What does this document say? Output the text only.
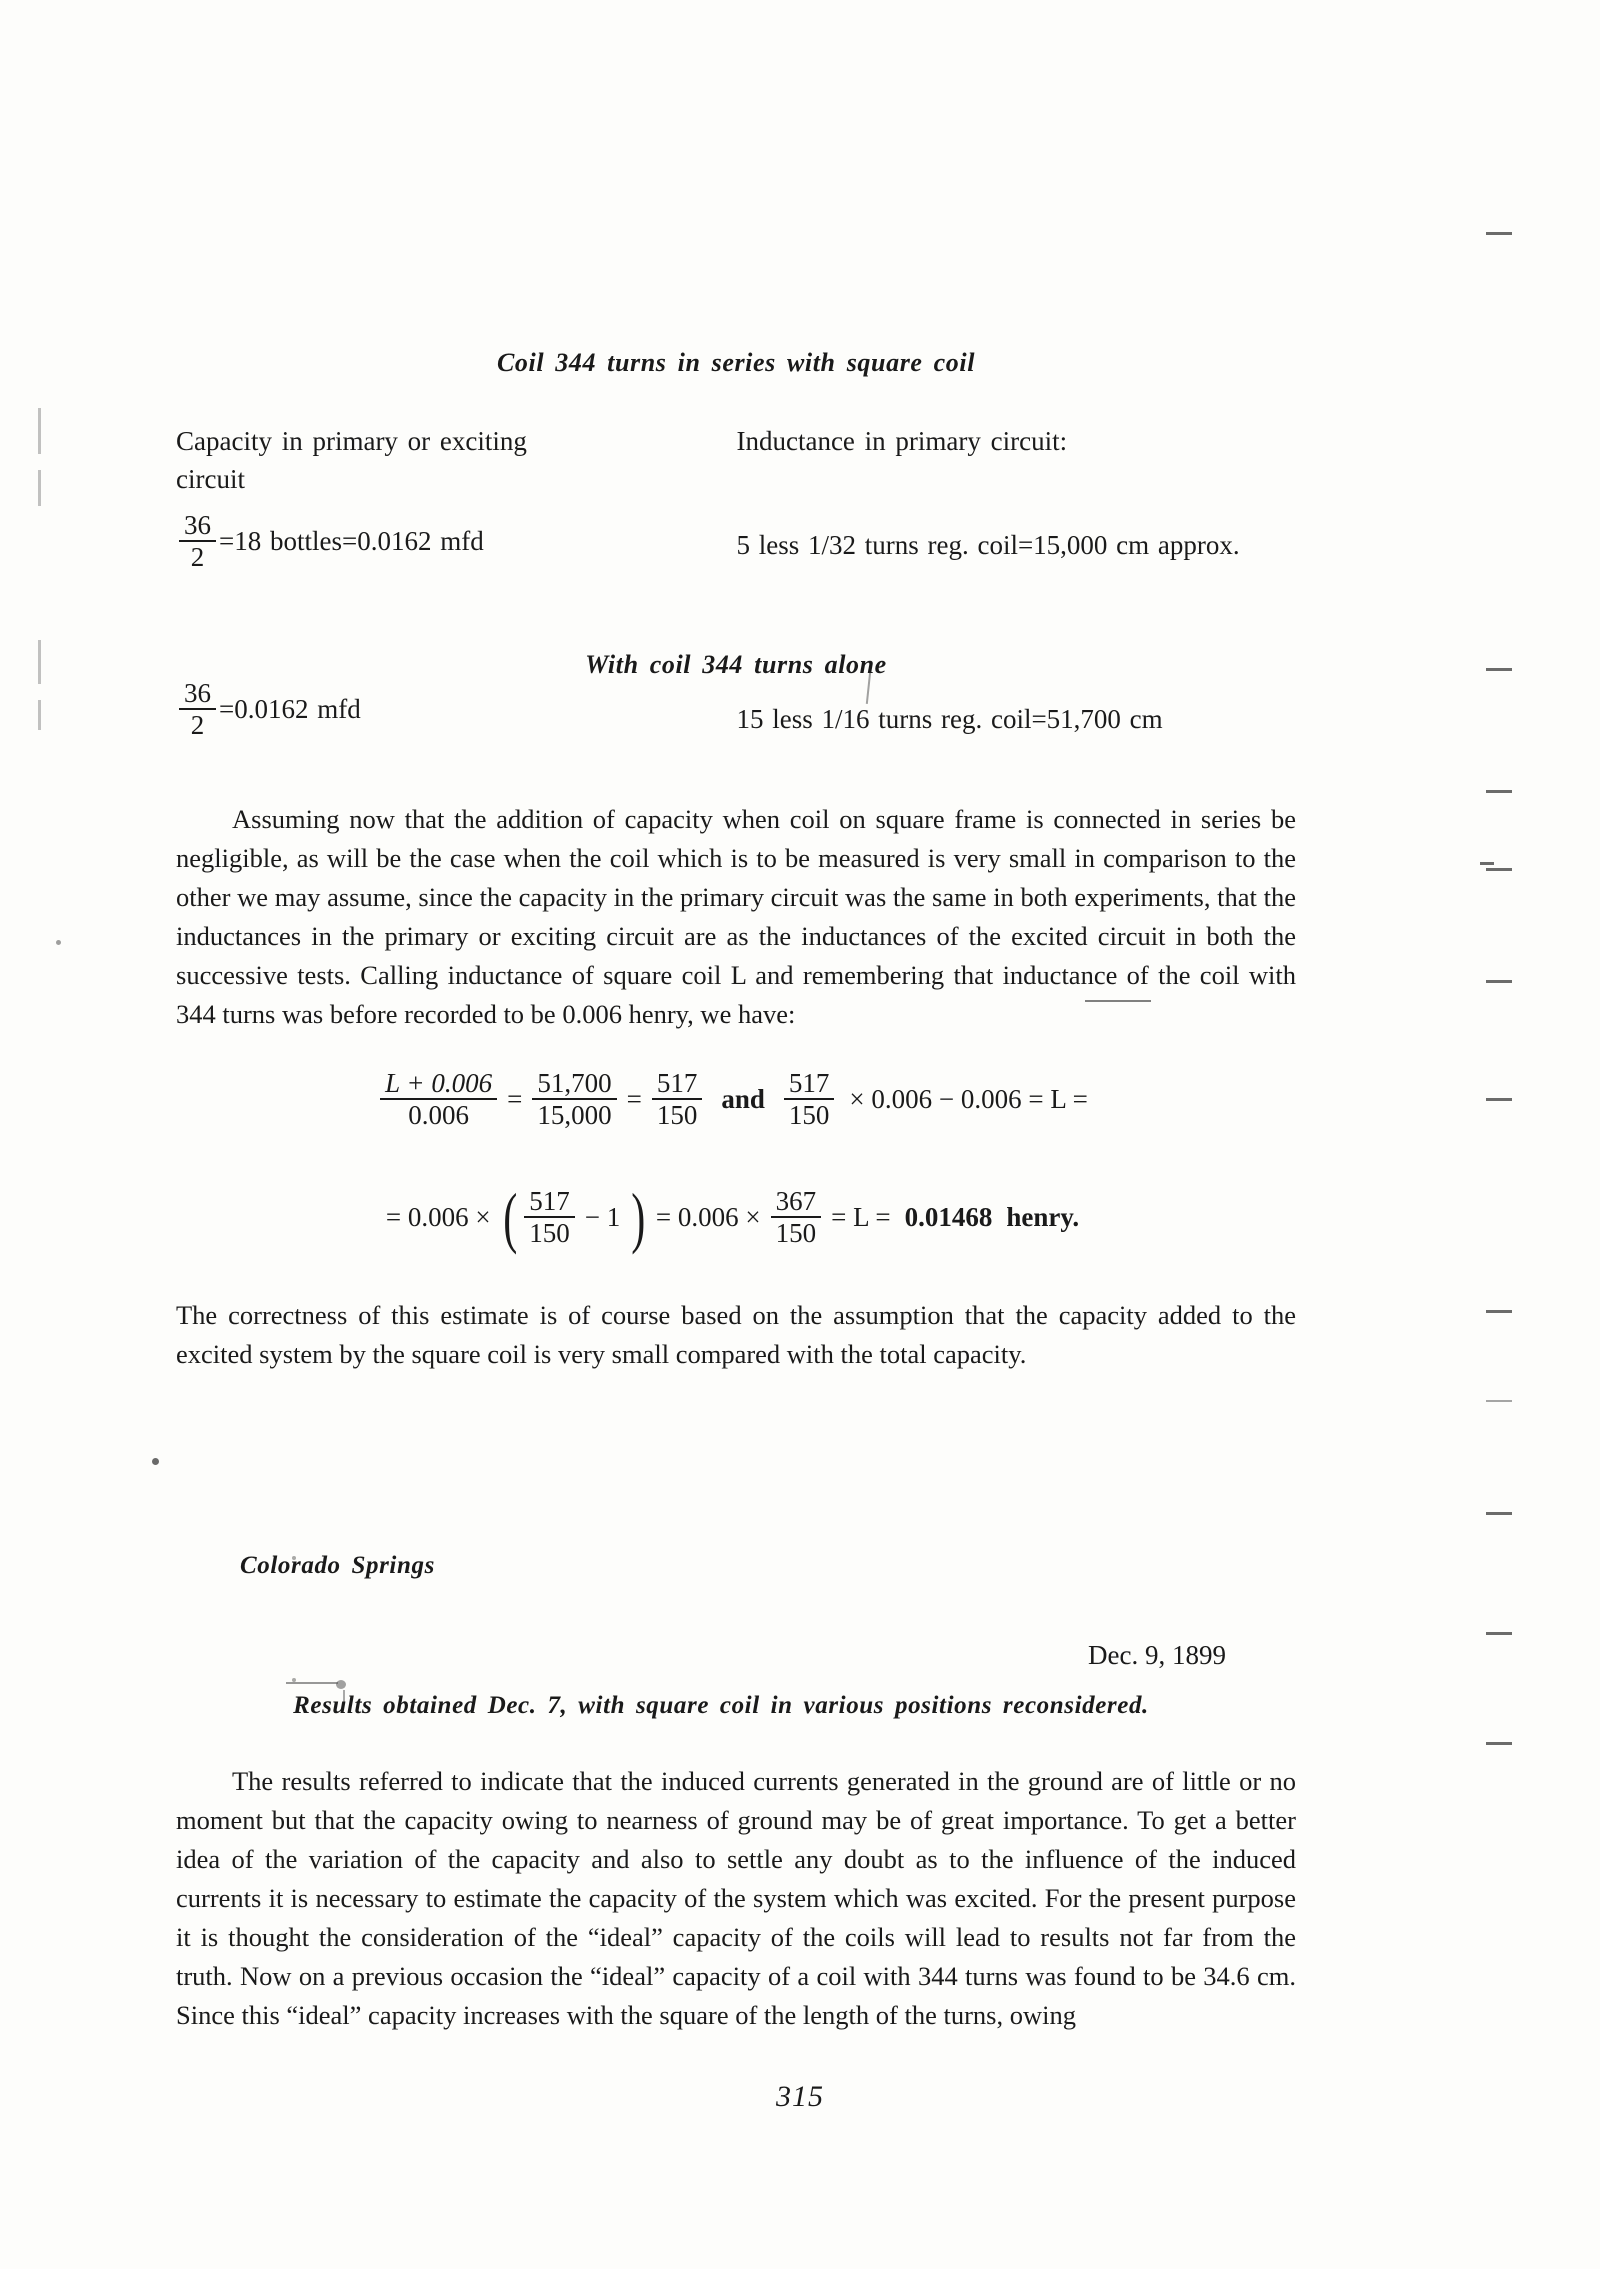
Coil 344 turns in series with square coil
Capacity in primary or exciting
circuit
Inductance in primary circuit:
$\frac{36}{2} =18$ bottles=0.0162 mfd	5 less 1/32 turns reg. coil=15,000 cm approx.
With coil 344 turns alone
$\frac{36}{2} =0.0162$ mfd	15 less 1/16 turns reg. coil=51,700 cm

Assuming now that the addition of capacity when coil on square frame is connected in series be negligible, as will be the case when the coil which is to be measured is very small in comparison to the other we may assume, since the capacity in the primary circuit was the same in both experiments, that the inductances in the primary or exciting circuit are as the inductances of the excited circuit in both the successive tests. Calling inductance of square coil L and remembering that inductance of the coil with 344 turns was before recorded to be 0.006 henry, we have:

$\frac{L + 0.006}{0.006} = \frac{51,700}{15,000} = \frac{517}{150}$ and $\frac{517}{150} \times 0.006 - 0.006 = L$ =
= 0.006 × ( $\frac{517}{150} - 1$ ) = $0.006 \times \frac{367}{150} = L = 0.01468$ henry.

The correctness of this estimate is of course based on the assumption that the capacity added to the excited system by the square coil is very small compared with the total capacity.

Colorado Springs
Dec. 9, 1899
Results obtained Dec. 7, with square coil in various positions reconsidered.

The results referred to indicate that the induced currents generated in the ground are of little or no moment but that the capacity owing to nearness of ground may be of great importance. To get a better idea of the variation of the capacity and also to settle any doubt as to the influence of the induced currents it is necessary to estimate the capacity of the system which was excited. For the present purpose it is thought the consideration of the “ideal” capacity of the coils will lead to results not far from the truth. Now on a previous occasion the “ideal” capacity of a coil with 344 turns was found to be 34.6 cm. Since this “ideal” capacity increases with the square of the length of the turns, owing

315
